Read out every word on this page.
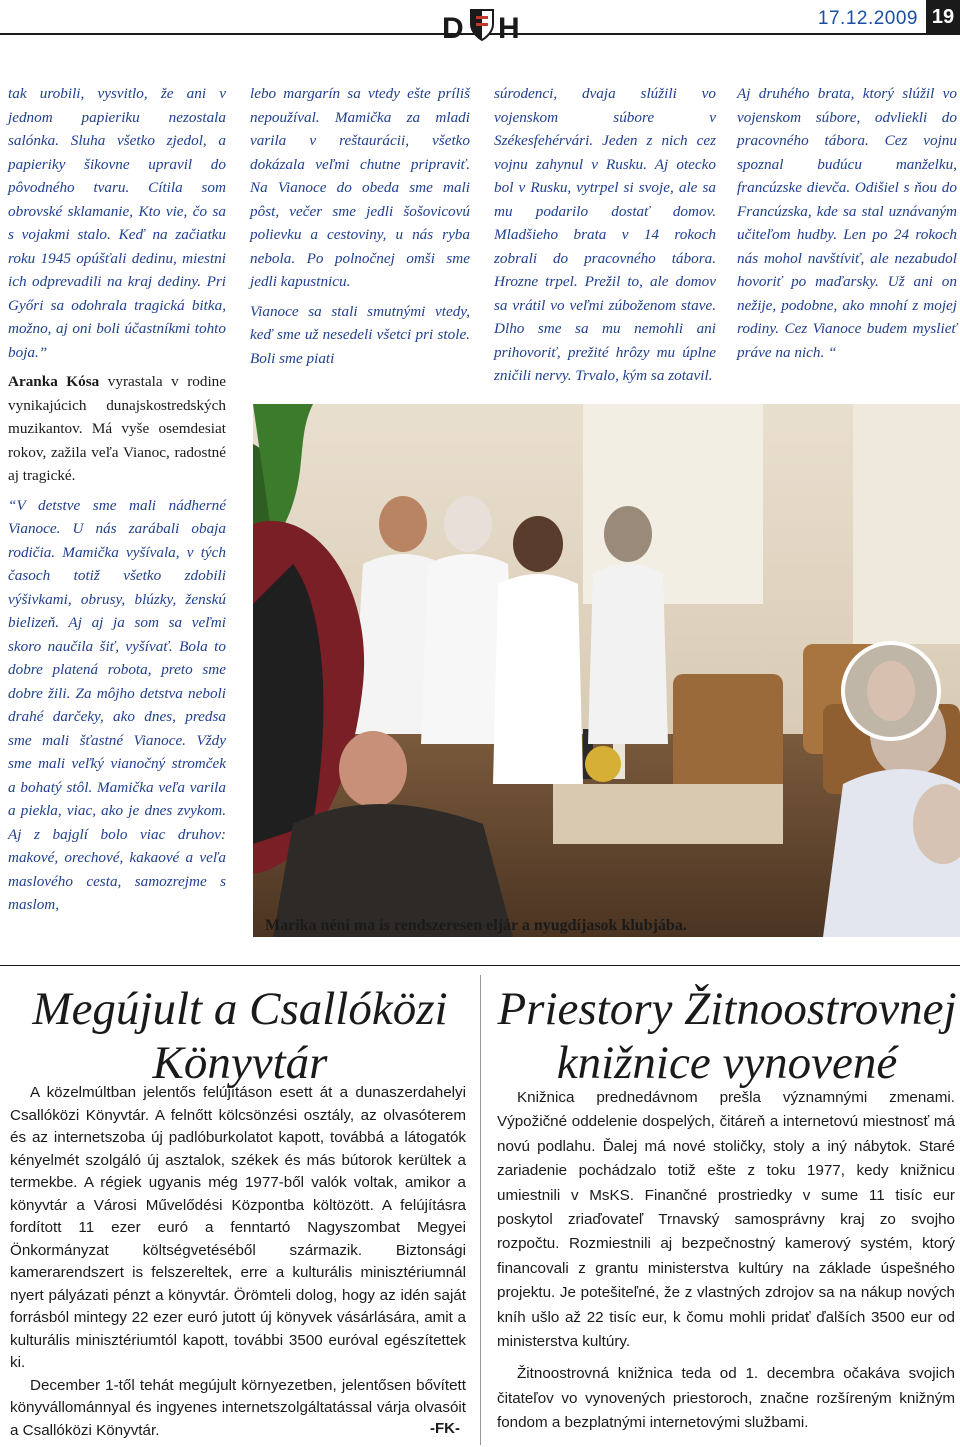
D H	17.12.2009 19

tak urobili, vysvitlo, že ani v jednom papieriku nezostala salónka. Sluha všetko zjedol, a papieriky šikovne upravil do pôvodného tvaru. Cítila som obrovské sklamanie, Kto vie, čo sa s vojakmi stalo. Keď na začiatku roku 1945 opúšťali dedinu, miestni ich odprevadili na kraj dediny. Pri Győri sa odohrala tragická bitka, možno, aj oni boli účastníkmi tohto boja.”

Aranka Kósa vyrastala v rodine vynikajúcich dunajskostredských muzikantov. Má vyše osemdesiat rokov, zažila veľa Vianoc, radostné aj tragické.

“V detstve sme mali nádherné Vianoce. U nás zarábali obaja rodičia. Mamička vyšívala, v tých časoch totiž všetko zdobili výšivkami, obrusy, blúzky, ženskú bielizeň. Aj aj ja som sa veľmi skoro naučila šiť, vyšívať. Bola to dobre platená robota, preto sme dobre žili. Za môjho detstva neboli drahé darčeky, ako dnes, predsa sme mali šťastné Vianoce. Vždy sme mali veľký vianočný stromček a bohatý stôl. Mamička veľa varila a piekla, viac, ako je dnes zvykom. Aj z bajglí bolo viac druhov: makové, orechové, kakaové a veľa maslového cesta, samozrejme s maslom,

lebo margarín sa vtedy ešte príliš nepoužíval. Mamička za mladi varila v reštaurácii, všetko dokázala veľmi chutne pripraviť. Na Vianoce do obeda sme mali pôst, večer sme jedli šošovicovú polievku a cestoviny, u nás ryba nebola. Po polnočnej omši sme jedli kapustnicu.

Vianoce sa stali smutnými vtedy, keď sme už nesedeli všetci pri stole. Boli sme piati

súrodenci, dvaja slúžili vo vojenskom súbore v Székesfehérvári. Jeden z nich cez vojnu zahynul v Rusku. Aj otecko bol v Rusku, vytrpel si svoje, ale sa mu podarilo dostať domov. Mladšieho brata v 14 rokoch zobrali do pracovného tábora. Hrozne trpel. Prežil to, ale domov sa vrátil vo veľmi zúboženom stave. Dlho sme sa mu nemohli ani prihovoriť, prežité hrôzy mu úplne zničili nervy. Trvalo, kým sa zotavil.

Aj druhého brata, ktorý slúžil vo vojenskom súbore, odvliekli do pracovného tábora. Cez vojnu spoznal budúcu manželku, francúzske dievča. Odišiel s ňou do Francúzska, kde sa stal uznávaným učiteľom hudby. Len po 24 rokoch nás mohol navštíviť, ale nezabudol hovoriť po maďarsky. Už ani on nežije, podobne, ako mnohí z mojej rodiny. Cez Vianoce budem myslieť práve na nich. “

Marika néni ma is rendszeresen eljár a nyugdíjasok klubjába.
Megújult a Csallóközi Könyvtár
Priestory Žitnoostrovnej knižnice vynovené

A közelmúltban jelentős felújításon esett át a dunaszerdahelyi Csallóközi Könyvtár. A felnőtt kölcsönzési osztály, az olvasóterem és az internetszoba új padlóburkolatot kapott, továbbá a látogatók kényelmét szolgáló új asztalok, székek és más bútorok kerültek a termekbe. A régiek ugyanis még 1977-ből valók voltak, amikor a könyvtár a Városi Művelődési Központba költözött. A felújításra fordított 11 ezer euró a fenntartó Nagyszombat Megyei Önkormányzat költségvetéséből származik. Biztonsági kamerarendszert is felszereltek, erre a kulturális minisztériumnál nyert pályázati pénzt a könyvtár. Örömteli dolog, hogy az idén saját forrásból mintegy 22 ezer euró jutott új könyvek vásárlására, amit a kulturális minisztériumtól kapott, további 3500 euróval egészítettek ki.

December 1-től tehát megújult környezetben, jelentősen bővített könyvállománnyal és ingyenes internetszolgáltatással várja olvasóit a Csallóközi Könyvtár.	-FK-

Knižnica prednedávnom prešla významnými zmenami. Výpožičné oddelenie dospelých, čitáreň a internetovú miestnosť má novú podlahu. Ďalej má nové stoličky, stoly a iný nábytok. Staré zariadenie pochádzalo totiž ešte z toku 1977, kedy knižnicu umiestnili v MsKS. Finančné prostriedky v sume 11 tisíc eur poskytol zriaďovateľ Trnavský samosprávny kraj zo svojho rozpočtu. Rozmiestnili aj bezpečnostný kamerový systém, ktorý financovali z grantu ministerstva kultúry na základe úspešného projektu. Je potešiteľné, že z vlastných zdrojov sa na nákup nových kníh ušlo až 22 tisíc eur, k čomu mohli pridať ďalších 3500 eur od ministerstva kultúry.

Žitnoostrovná knižnica teda od 1. decembra očakáva svojich čitateľov vo vynovených priestoroch, značne rozšíreným knižným fondom a bezplatnými internetovými službami.
